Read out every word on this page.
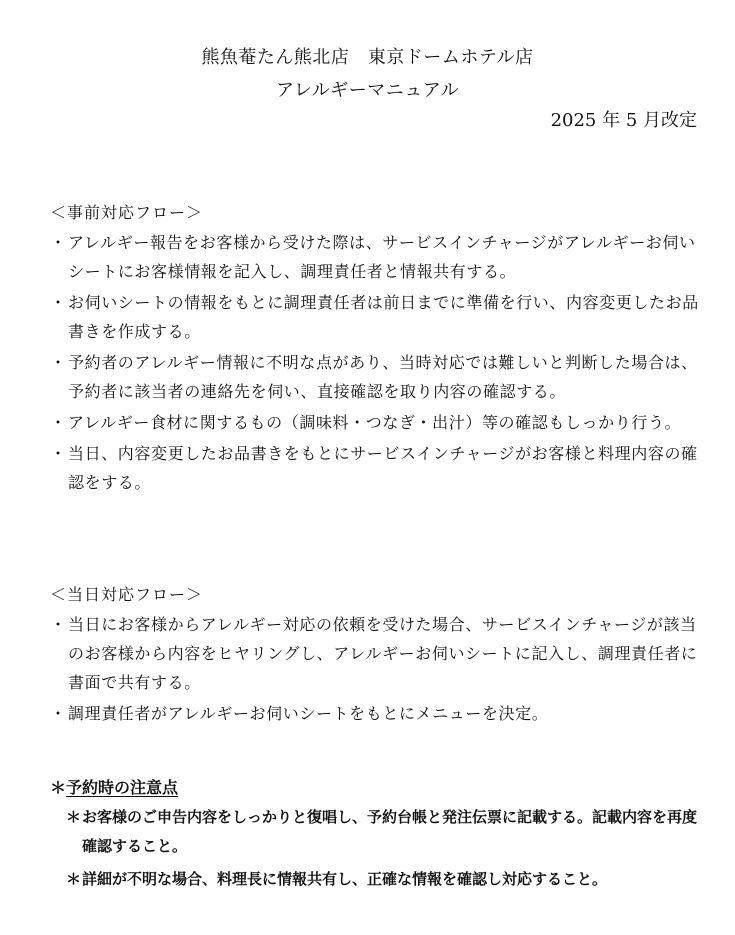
熊魚菴たん熊北店　東京ドームホテル店
アレルギーマニュアル
2025 年 5 月改定
＜事前対応フロー＞
・ アレルギー報告をお客様から受けた際は、サービスインチャージがアレルギーお伺いシートにお客様情報を記入し、調理責任者と情報共有する。
・ お伺いシートの情報をもとに調理責任者は前日までに準備を行い、内容変更したお品書きを作成する。
・ 予約者のアレルギー情報に不明な点があり、当時対応では難しいと判断した場合は、予約者に該当者の連絡先を伺い、直接確認を取り内容の確認する。
・ アレルギー食材に関するもの（調味料・つなぎ・出汁）等の確認もしっかり行う。
・ 当日、内容変更したお品書きをもとにサービスインチャージがお客様と料理内容の確認をする。
＜当日対応フロー＞
・ 当日にお客様からアレルギー対応の依頼を受けた場合、サービスインチャージが該当のお客様から内容をヒヤリングし、アレルギーお伺いシートに記入し、調理責任者に書面で共有する。
・ 調理責任者がアレルギーお伺いシートをもとにメニューを決定。
＊予約時の注意点
＊ お客様のご申告内容をしっかりと復唱し、予約台帳と発注伝票に記載する。記載内容を再度確認すること。
＊ 詳細が不明な場合、料理長に情報共有し、正確な情報を確認し対応すること。
